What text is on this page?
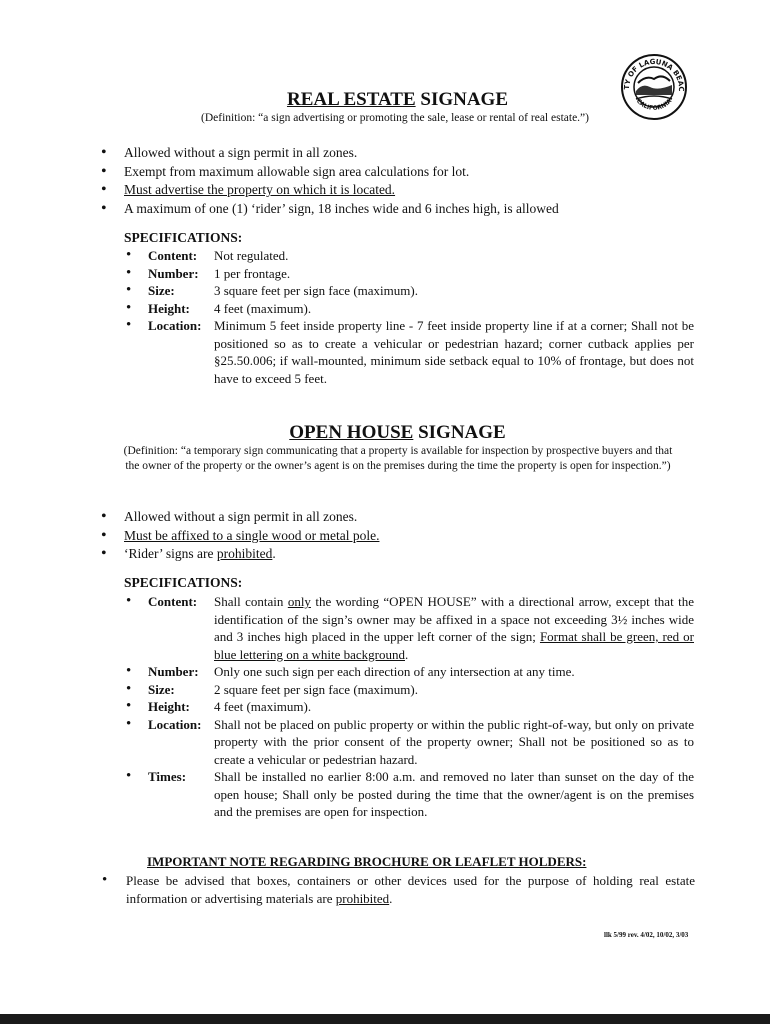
TY OF LAGUNA BEAC
CALIFORNIA
REAL ESTATE SIGNAGE
(Definition: “a sign advertising or promoting the sale, lease or rental of real estate.”)
• Allowed without a sign permit in all zones.
• Exempt from maximum allowable sign area calculations for lot.
• Must advertise the property on which it is located.
• A maximum of one (1) ‘rider’ sign, 18 inches wide and 6 inches high, is allowed
SPECIFICATIONS:
•	Content:	Not regulated.
•	Number:	1 per frontage.
•	Size:	3 square feet per sign face (maximum).
•	Height:	4 feet (maximum).
•	Location: Minimum 5 feet inside property line - 7 feet inside property line if at a corner; Shall not be positioned so as to create a vehicular or pedestrian hazard; corner cutback applies per §25.50.006; if wall-mounted, minimum side setback equal to 10% of frontage, but does not have to exceed 5 feet.
OPEN HOUSE SIGNAGE
(Definition: “a temporary sign communicating that a property is available for inspection by prospective buyers and that the owner of the property or the owner’s agent is on the premises during the time the property is open for inspection.”)
• Allowed without a sign permit in all zones.
• Must be affixed to a single wood or metal pole.
• ‘Rider’ signs are prohibited.
SPECIFICATIONS:
•	Content:	Shall contain only the wording “OPEN HOUSE” with a directional arrow, except that the identification of the sign’s owner may be affixed in a space not exceeding 3½ inches wide and 3 inches high placed in the upper left corner of the sign; Format shall be green, red or blue lettering on a white background.
•	Number:	Only one such sign per each direction of any intersection at any time.
•	Size:	2 square feet per sign face (maximum).
•	Height:	4 feet (maximum).
•	Location: Shall not be placed on public property or within the public right-of-way, but only on private property with the prior consent of the property owner; Shall not be positioned so as to create a vehicular or pedestrian hazard.
•	Times:	Shall be installed no earlier 8:00 a.m. and removed no later than sunset on the day of the open house; Shall only be posted during the time that the owner/agent is on the premises and the premises are open for inspection.
IMPORTANT NOTE REGARDING BROCHURE OR LEAFLET HOLDERS:
•	Please be advised that boxes, containers or other devices used for the purpose of holding real estate information or advertising materials are prohibited.
llk 5/99 rev. 4/02, 10/02, 3/03
